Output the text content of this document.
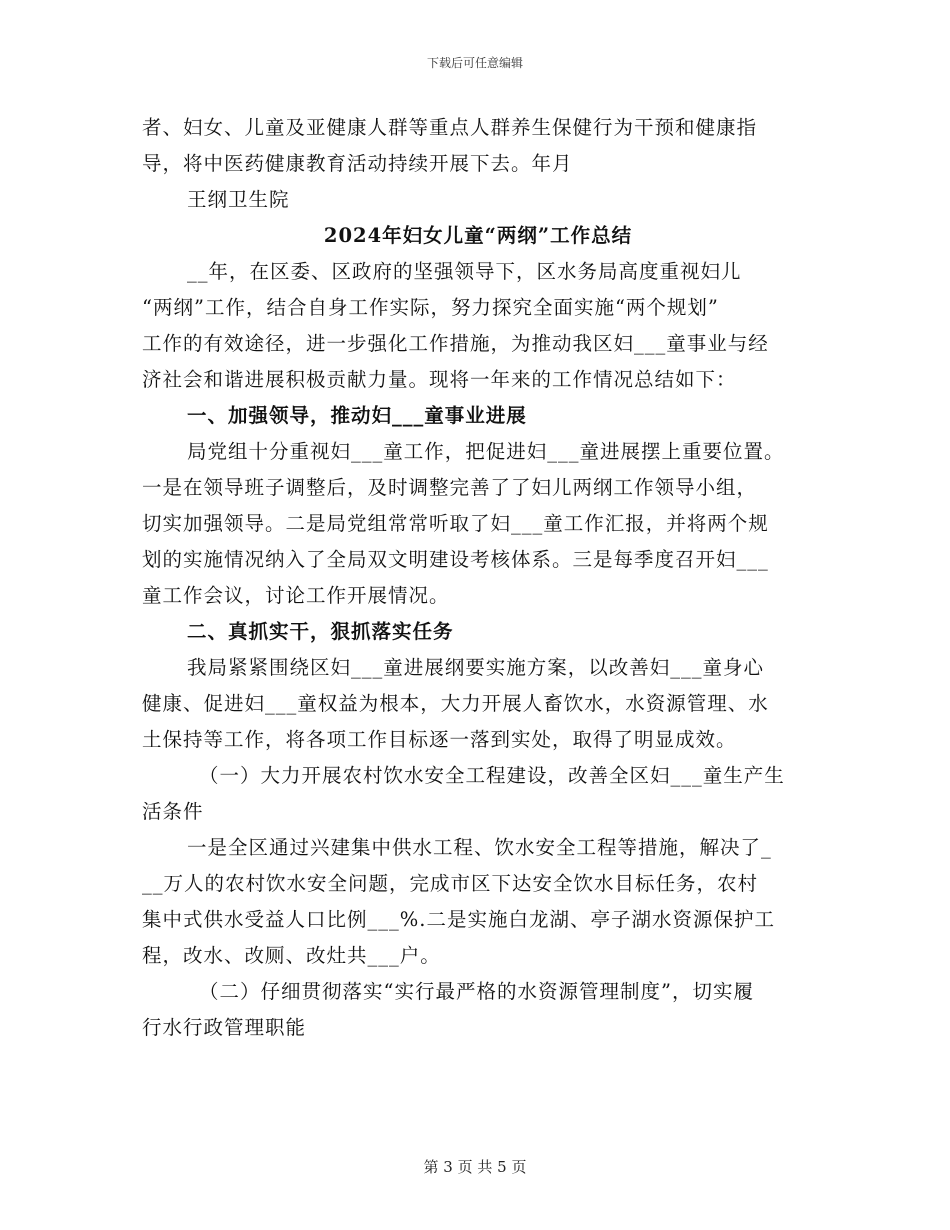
下载后可任意编辑
者、妇女、儿童及亚健康人群等重点人群养生保健行为干预和健康指
导，将中医药健康教育活动持续开展下去。年月
王纲卫生院
2024年妇女儿童“两纲”工作总结
__年，在区委、区政府的坚强领导下，区水务局高度重视妇儿
“两纲”工作，结合自身工作实际，努力探究全面实施“两个规划”
工作的有效途径，进一步强化工作措施，为推动我区妇___童事业与经
济社会和谐进展积极贡献力量。现将一年来的工作情况总结如下：
一、加强领导，推动妇___童事业进展
局党组十分重视妇___童工作，把促进妇___童进展摆上重要位置。
一是在领导班子调整后，及时调整完善了了妇儿两纲工作领导小组，
切实加强领导。二是局党组常常听取了妇___童工作汇报，并将两个规
划的实施情况纳入了全局双文明建设考核体系。三是每季度召开妇___
童工作会议，讨论工作开展情况。
二、真抓实干，狠抓落实任务
我局紧紧围绕区妇___童进展纲要实施方案，以改善妇___童身心
健康、促进妇___童权益为根本，大力开展人畜饮水，水资源管理、水
土保持等工作，将各项工作目标逐一落到实处，取得了明显成效。
（一）大力开展农村饮水安全工程建设，改善全区妇___童生产生
活条件
一是全区通过兴建集中供水工程、饮水安全工程等措施，解决了_
__万人的农村饮水安全问题，完成市区下达安全饮水目标任务，农村
集中式供水受益人口比例___%.二是实施白龙湖、亭子湖水资源保护工
程，改水、改厕、改灶共___户。
（二）仔细贯彻落实“实行最严格的水资源管理制度”，切实履
行水行政管理职能
第 3 页 共 5 页
